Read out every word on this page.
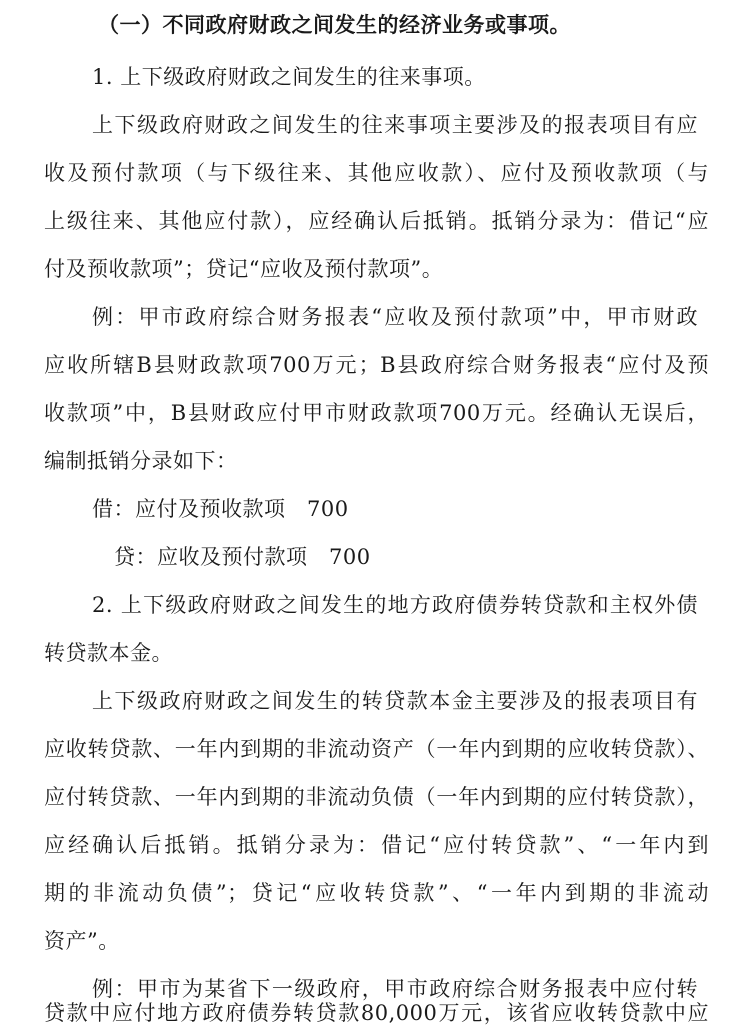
（一）不同政府财政之间发生的经济业务或事项。
1. 上下级政府财政之间发生的往来事项。
上下级政府财政之间发生的往来事项主要涉及的报表项目有应
收及预付款项（与下级往来、其他应收款）、应付及预收款项（与
上级往来、其他应付款），应经确认后抵销。抵销分录为：借记“应
付及预收款项”；贷记“应收及预付款项”。
例：甲市政府综合财务报表“应收及预付款项”中，甲市财政
应收所辖B县财政款项700万元；B县政府综合财务报表“应付及预
收款项”中，B县财政应付甲市财政款项700万元。经确认无误后，
编制抵销分录如下：
借：应付及预收款项　700
贷：应收及预付款项　700
2. 上下级政府财政之间发生的地方政府债券转贷款和主权外债
转贷款本金。
上下级政府财政之间发生的转贷款本金主要涉及的报表项目有
应收转贷款、一年内到期的非流动资产（一年内到期的应收转贷款）、
应付转贷款、一年内到期的非流动负债（一年内到期的应付转贷款），
应经确认后抵销。抵销分录为：借记“应付转贷款”、“一年内到
期的非流动负债”；贷记“应收转贷款”、“一年内到期的非流动
资产”。
例：甲市为某省下一级政府，甲市政府综合财务报表中应付转
贷款中应付地方政府债券转贷款80,000万元，该省应收转贷款中应
